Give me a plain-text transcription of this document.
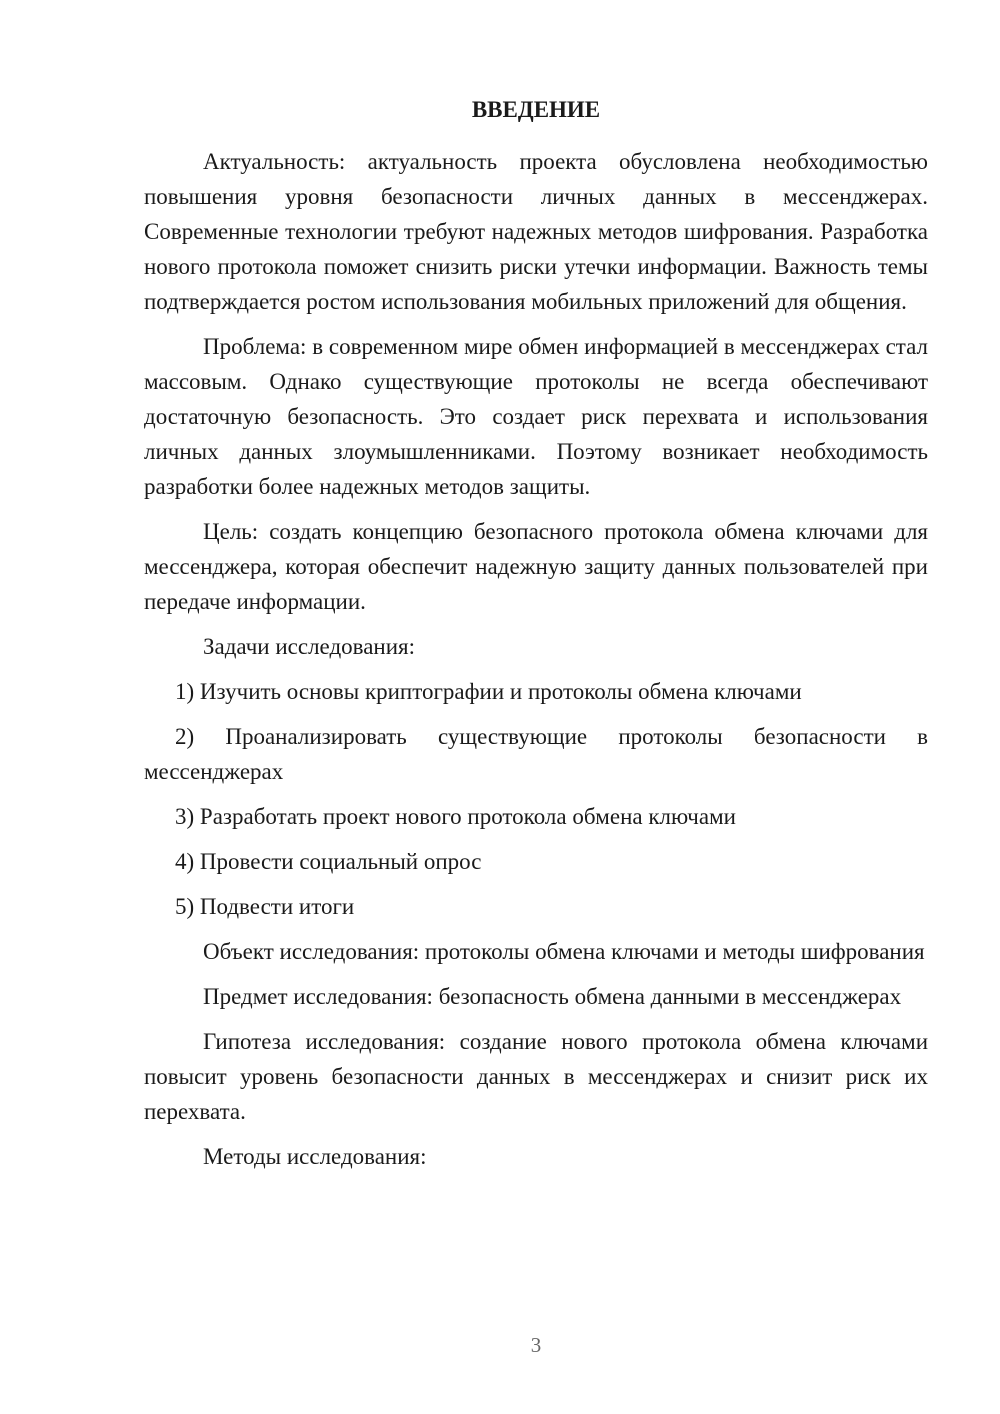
ВВЕДЕНИЕ

Актуальность: актуальность проекта обусловлена необходимостью повышения уровня безопасности личных данных в мессенджерах. Современные технологии требуют надежных методов шифрования. Разработка нового протокола поможет снизить риски утечки информации. Важность темы подтверждается ростом использования мобильных приложений для общения.

Проблема: в современном мире обмен информацией в мессенджерах стал массовым. Однако существующие протоколы не всегда обеспечивают достаточную безопасность. Это создает риск перехвата и использования личных данных злоумышленниками. Поэтому возникает необходимость разработки более надежных методов защиты.

Цель: создать концепцию безопасного протокола обмена ключами для мессенджера, которая обеспечит надежную защиту данных пользователей при передаче информации.

Задачи исследования:

1) Изучить основы криптографии и протоколы обмена ключами

2) Проанализировать существующие протоколы безопасности в мессенджерах

3) Разработать проект нового протокола обмена ключами

4) Провести социальный опрос

5) Подвести итоги

Объект исследования: протоколы обмена ключами и методы шифрования

Предмет исследования: безопасность обмена данными в мессенджерах

Гипотеза исследования: создание нового протокола обмена ключами повысит уровень безопасности данных в мессенджерах и снизит риск их перехвата.

Методы исследования:

3
